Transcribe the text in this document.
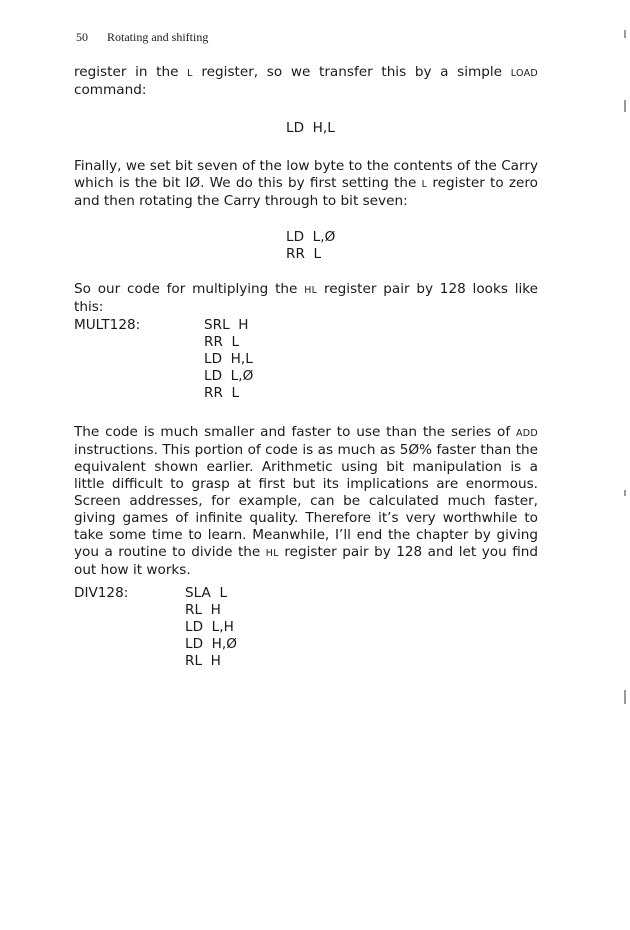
50 Rotating and shifting
register in the L register, so we transfer this by a simple LOAD command:
LD  H,L
Finally, we set bit seven of the low byte to the contents of the Carry which is the bit IØ. We do this by first setting the L register to zero and then rotating the Carry through to bit seven:
LD  L,Ø
RR  L
So our code for multiplying the HL register pair by 128 looks like this:
MULT128:	SRL  H
RR  L
LD  H,L
LD  L,Ø
RR  L
The code is much smaller and faster to use than the series of ADD instructions. This portion of code is as much as 5Ø% faster than the equivalent shown earlier. Arithmetic using bit manipulation is a little difficult to grasp at first but its implications are enormous. Screen addresses, for example, can be calculated much faster, giving games of infinite quality. Therefore it’s very worthwhile to take some time to learn. Meanwhile, I’ll end the chapter by giving you a routine to divide the HL register pair by 128 and let you find out how it works.
DIV128:	SLA  L
RL  H
LD  L,H
LD  H,Ø
RL  H
